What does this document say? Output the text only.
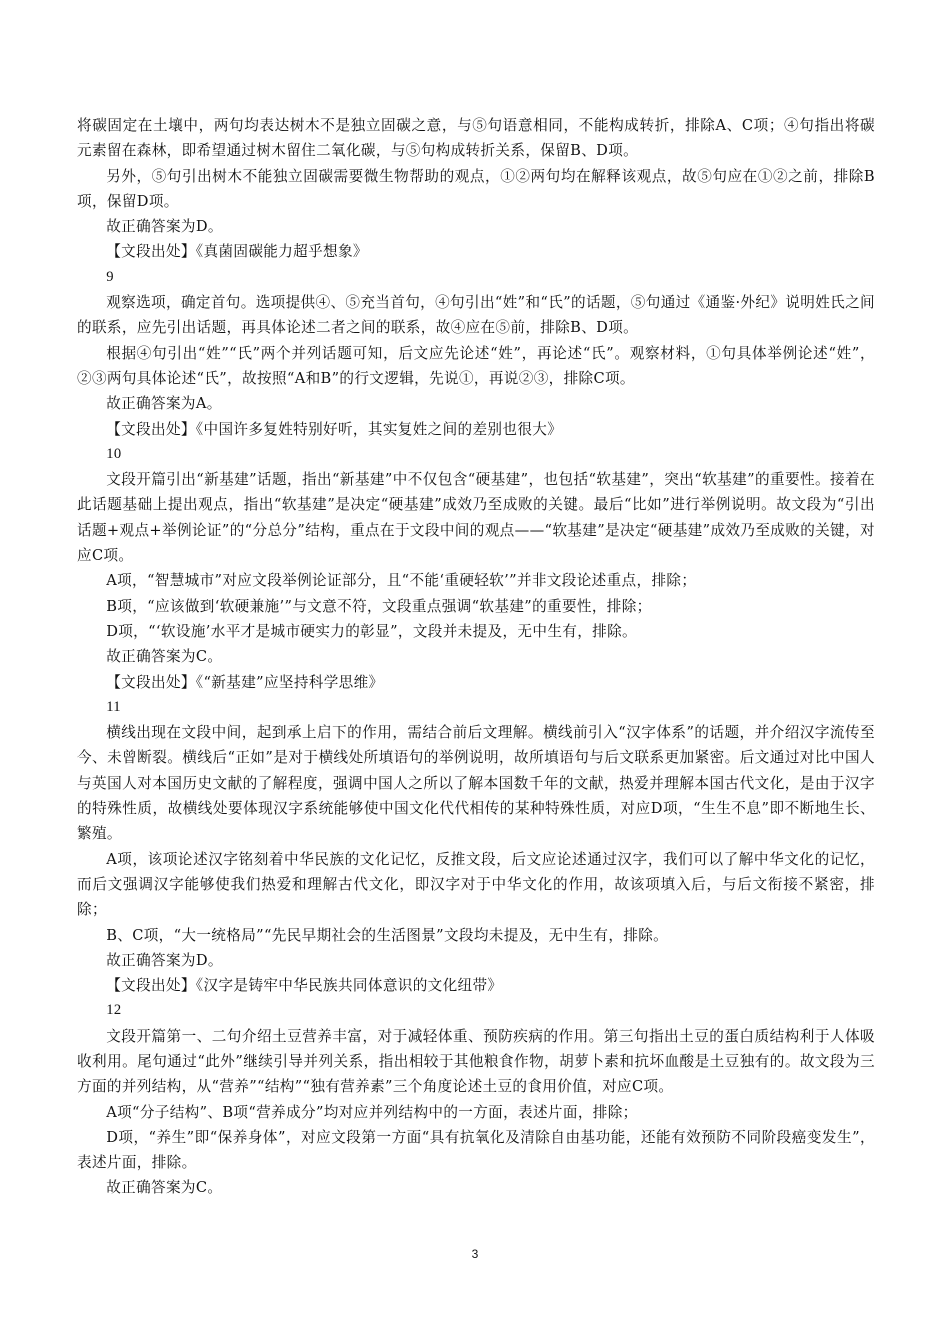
将碳固定在土壤中，两句均表达树木不是独立固碳之意，与⑤句语意相同，不能构成转折，排除A、C项；④句指出将碳元素留在森林，即希望通过树木留住二氧化碳，与⑤句构成转折关系，保留B、D项。

另外，⑤句引出树木不能独立固碳需要微生物帮助的观点，①②两句均在解释该观点，故⑤句应在①②之前，排除B项，保留D项。

故正确答案为D。

【文段出处】《真菌固碳能力超乎想象》

9

观察选项，确定首句。选项提供④、⑤充当首句，④句引出“姓”和“氏”的话题，⑤句通过《通鉴·外纪》说明姓氏之间的联系，应先引出话题，再具体论述二者之间的联系，故④应在⑤前，排除B、D项。

根据④句引出“姓”“氏”两个并列话题可知，后文应先论述“姓”，再论述“氏”。观察材料，①句具体举例论述“姓”，②③两句具体论述“氏”，故按照“A和B”的行文逻辑，先说①，再说②③，排除C项。

故正确答案为A。

【文段出处】《中国许多复姓特别好听，其实复姓之间的差别也很大》

10

文段开篇引出“新基建”话题，指出“新基建”中不仅包含“硬基建”，也包括“软基建”，突出“软基建”的重要性。接着在此话题基础上提出观点，指出“软基建”是决定“硬基建”成效乃至成败的关键。最后“比如”进行举例说明。故文段为“引出话题+观点+举例论证”的“分总分”结构，重点在于文段中间的观点——“软基建”是决定“硬基建”成效乃至成败的关键，对应C项。

A项，“智慧城市”对应文段举例论证部分，且“不能‘重硬轻软’”并非文段论述重点，排除；

B项，“应该做到‘软硬兼施’”与文意不符，文段重点强调“软基建”的重要性，排除；

D项，“‘软设施’水平才是城市硬实力的彰显”，文段并未提及，无中生有，排除。

故正确答案为C。

【文段出处】《“新基建”应坚持科学思维》

11

横线出现在文段中间，起到承上启下的作用，需结合前后文理解。横线前引入“汉字体系”的话题，并介绍汉字流传至今、未曾断裂。横线后“正如”是对于横线处所填语句的举例说明，故所填语句与后文联系更加紧密。后文通过对比中国人与英国人对本国历史文献的了解程度，强调中国人之所以了解本国数千年的文献，热爱并理解本国古代文化，是由于汉字的特殊性质，故横线处要体现汉字系统能够使中国文化代代相传的某种特殊性质，对应D项，“生生不息”即不断地生长、繁殖。

A项，该项论述汉字铭刻着中华民族的文化记忆，反推文段，后文应论述通过汉字，我们可以了解中华文化的记忆，而后文强调汉字能够使我们热爱和理解古代文化，即汉字对于中华文化的作用，故该项填入后，与后文衔接不紧密，排除；

B、C项，“大一统格局”“先民早期社会的生活图景”文段均未提及，无中生有，排除。

故正确答案为D。

【文段出处】《汉字是铸牢中华民族共同体意识的文化纽带》

12

文段开篇第一、二句介绍土豆营养丰富，对于减轻体重、预防疾病的作用。第三句指出土豆的蛋白质结构利于人体吸收利用。尾句通过“此外”继续引导并列关系，指出相较于其他粮食作物，胡萝卜素和抗坏血酸是土豆独有的。故文段为三方面的并列结构，从“营养”“结构”“独有营养素”三个角度论述土豆的食用价值，对应C项。

A项“分子结构”、B项“营养成分”均对应并列结构中的一方面，表述片面，排除；

D项，“养生”即“保养身体”，对应文段第一方面“具有抗氧化及清除自由基功能，还能有效预防不同阶段癌变发生”，表述片面，排除。

故正确答案为C。

3
